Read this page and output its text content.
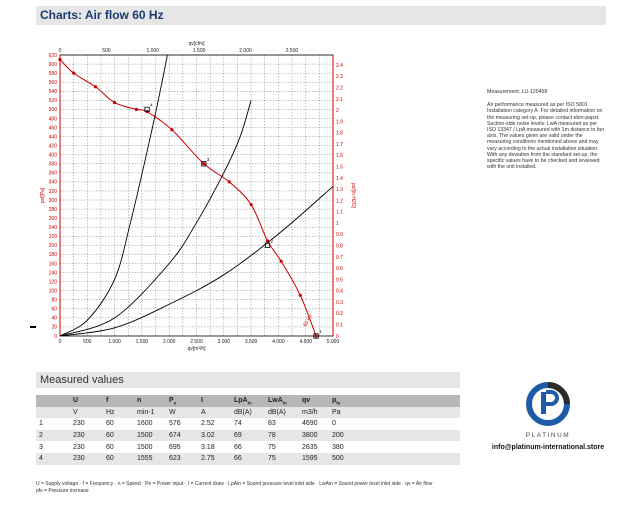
Charts: Air flow 60 Hz
1
2
3
4
0
20
40
60
80
100
120
140
160
180
200
220
240
260
280
300
320
340
360
380
400
420
440
460
480
500
520
540
560
580
600
620
0	500	1.000	1.500	2.000	2.500	3.000	3.500	4.000	4.500	5.000
qv[m³/h]
0	500	1.000	1.500	2.000	2.500
qv[cfm]
0
0.1
0.2
0.3
0.4
0.5
0.6
0.7
0.8
0.9
1
1.1
1.2
1.3
1.4
1.5
1.6
1.7
1.8
1.9
2
2.1
2.2
2.3
2.4
psf[Pa]	psf[in H2O]
60 Hz
Measurement: LU-120458
Air performance measured as per ISO 5801 Installation category A. For detailed information on the measuring set-up, please contact ebm-papst. Suction-side noise levels: LwA measured as per ISO 13347 / LpA measured with 1m distance to fan axis. The values given are valid under the measuring conditions mentioned above and may vary according to the actual installation situation. With any deviation from the standard set-up, the specific values have to be checked and reviewed with the unit installed.
Measured values
	U	f	n	$P_e$	I	LpA$_{in}$	LwA$_{in}$	qv	$p_{fs}$
	V	Hz	min-1	W	A	dB(A)	dB(A)	m3/h	Pa
1	230	60	1600	576	2.52	74	83	4690	0
2	230	60	1500	674	3.02	69	78	3800	200
3	230	60	1500	695	3.18	66	75	2635	380
4	230	60	1555	623	2.75	66	75	1595	500
U = Supply voltage · f = Frequency · n = Speed · Pe = Power input · I = Current draw · LpAin = Sound pressure level inlet side · LwAin = Sound power level inlet side · qv = Air flow
pfs = Pressure increase
PLATINUM
info@platinum-international.store
